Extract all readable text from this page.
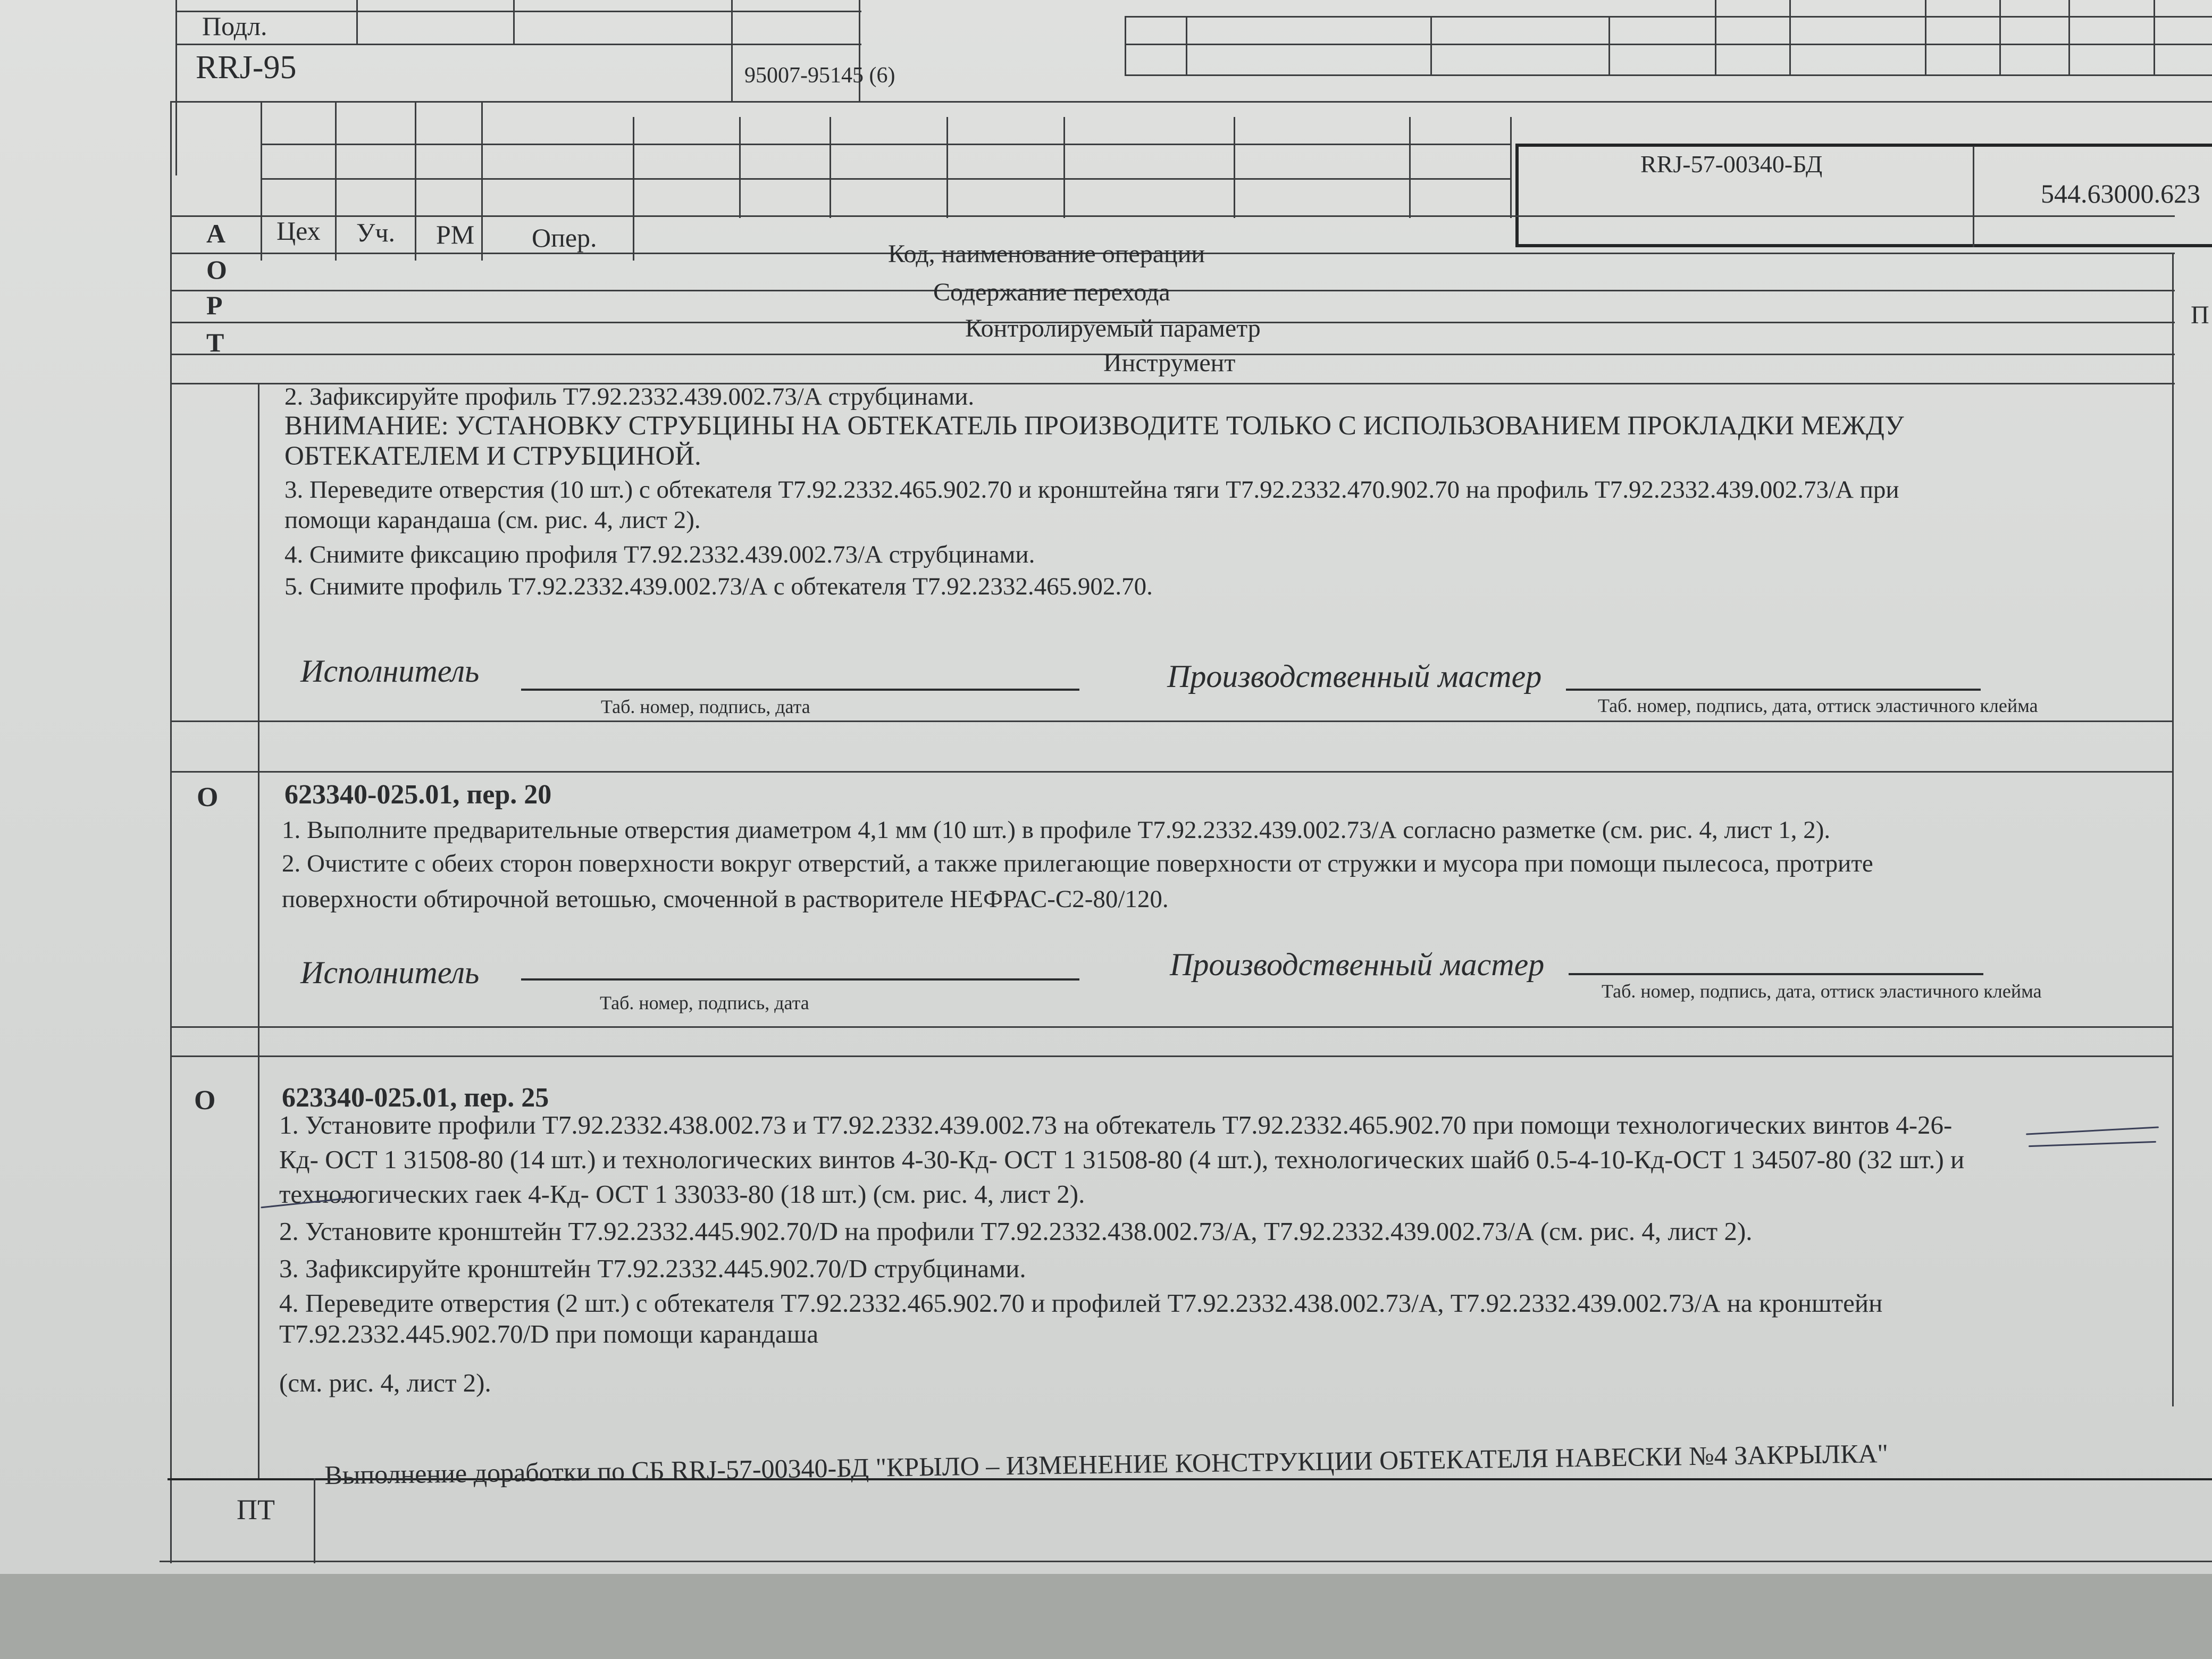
Подл.
RRJ-95	95007-95145 (6)
RRJ-57-00340-БД
544.63000.623
А
О
Р
Т
Цех Уч. РМ Опер.
Код, наименование операции
Содержание перехода
Контролируемый параметр
Инструмент
П
2. Зафиксируйте профиль Т7.92.2332.439.002.73/А струбцинами.
ВНИМАНИЕ: УСТАНОВКУ СТРУБЦИНЫ НА ОБТЕКАТЕЛЬ ПРОИЗВОДИТЕ ТОЛЬКО С ИСПОЛЬЗОВАНИЕМ ПРОКЛАДКИ МЕЖДУ
ОБТЕКАТЕЛЕМ И СТРУБЦИНОЙ.
3. Переведите отверстия (10 шт.) с обтекателя Т7.92.2332.465.902.70 и кронштейна тяги Т7.92.2332.470.902.70 на профиль Т7.92.2332.439.002.73/А при
помощи карандаша (см. рис. 4, лист 2).
4. Снимите фиксацию профиля Т7.92.2332.439.002.73/А струбцинами.
5. Снимите профиль Т7.92.2332.439.002.73/А с обтекателя Т7.92.2332.465.902.70.
Исполнитель
Таб. номер, подпись, дата
Производственный мастер
Таб. номер, подпись, дата, оттиск эластичного клейма
О 623340-025.01, пер. 20
1. Выполните предварительные отверстия диаметром 4,1 мм (10 шт.) в профиле Т7.92.2332.439.002.73/А согласно разметке (см. рис. 4, лист 1, 2).
2. Очистите с обеих сторон поверхности вокруг отверстий, а также прилегающие поверхности от стружки и мусора при помощи пылесоса, протрите
поверхности обтирочной ветошью, смоченной в растворителе НЕФРАС-С2-80/120.
Исполнитель
Таб. номер, подпись, дата
Производственный мастер
Таб. номер, подпись, дата, оттиск эластичного клейма
О 623340-025.01, пер. 25
1. Установите профили Т7.92.2332.438.002.73 и Т7.92.2332.439.002.73 на обтекатель Т7.92.2332.465.902.70 при помощи технологических винтов 4-26-
Кд- ОСТ 1 31508-80 (14 шт.) и технологических винтов 4-30-Кд- ОСТ 1 31508-80 (4 шт.), технологических шайб 0.5-4-10-Кд-ОСТ 1 34507-80 (32 шт.) и
технологических гаек 4-Кд- ОСТ 1 33033-80 (18 шт.) (см. рис. 4, лист 2).
2. Установите кронштейн Т7.92.2332.445.902.70/D на профили Т7.92.2332.438.002.73/А, Т7.92.2332.439.002.73/А (см. рис. 4, лист 2).
3. Зафиксируйте кронштейн Т7.92.2332.445.902.70/D струбцинами.
4. Переведите отверстия (2 шт.) с обтекателя Т7.92.2332.465.902.70 и профилей Т7.92.2332.438.002.73/А, Т7.92.2332.439.002.73/А на кронштейн
Т7.92.2332.445.902.70/D при помощи карандаша
(см. рис. 4, лист 2).
ПТ
Выполнение доработки по СБ RRJ-57-00340-БД "КРЫЛО – ИЗМЕНЕНИЕ КОНСТРУКЦИИ ОБТЕКАТЕЛЯ НАВЕСКИ №4 ЗАКРЫЛКА"
